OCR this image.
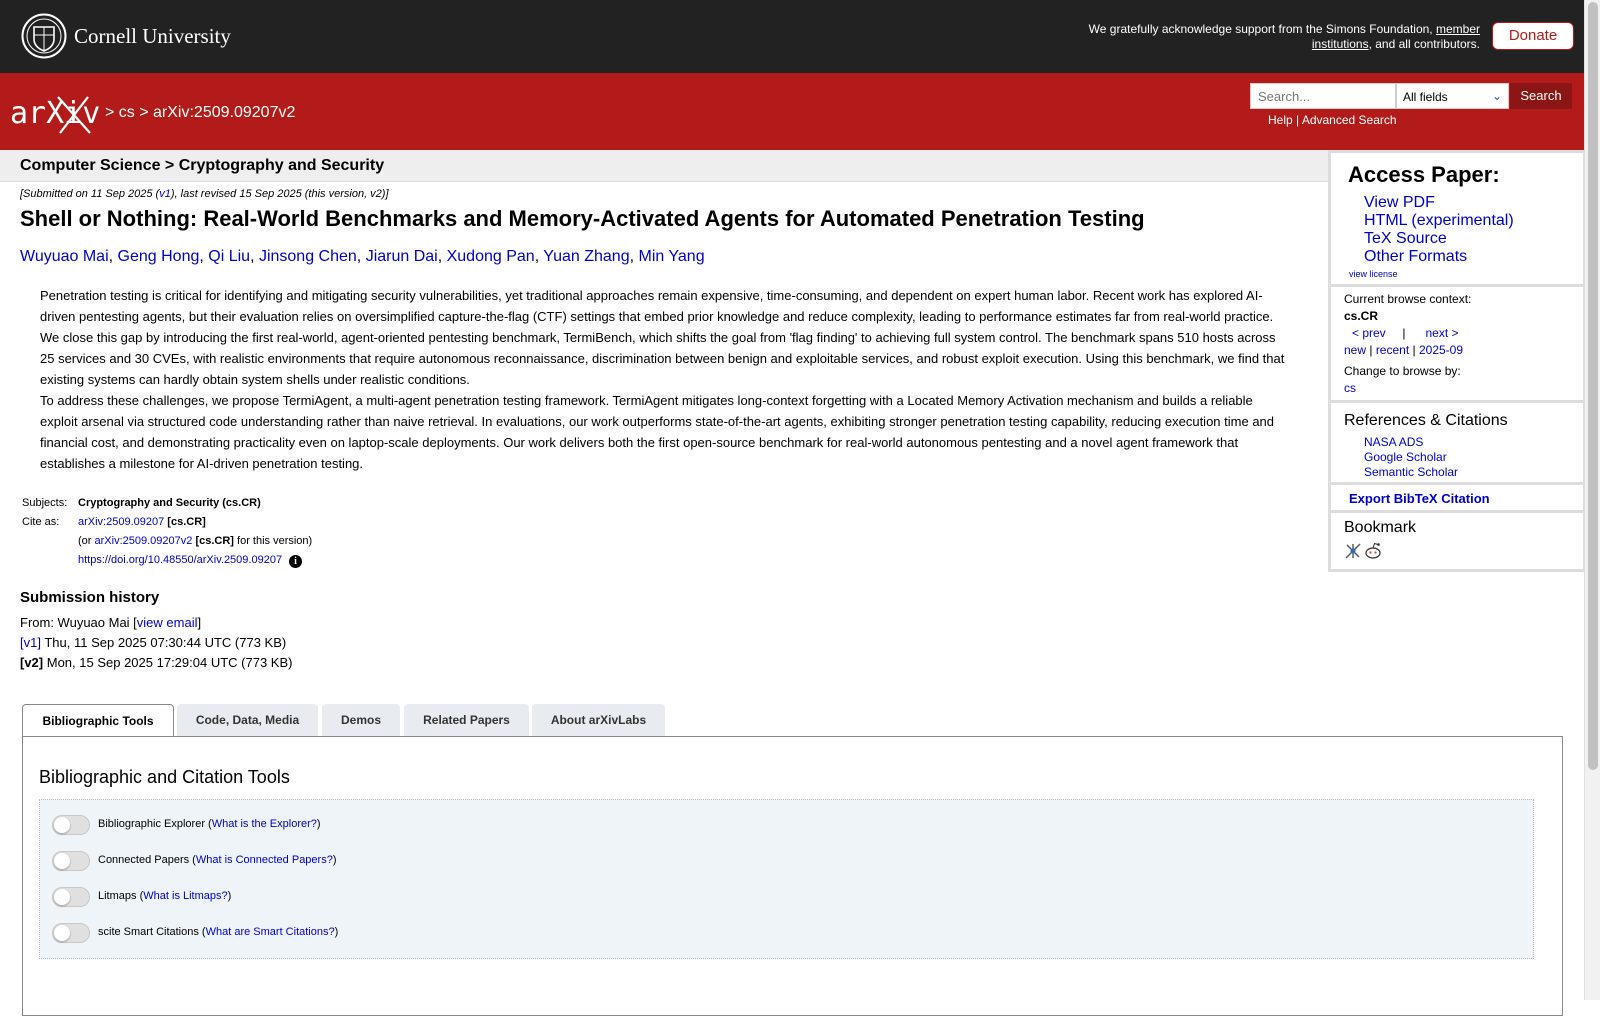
Cornell University	We gratefully acknowledge support from the Simons Foundation, member institutions, and all contributors.	Donate
arXiv > cs > arXiv:2509.09207v2
Search...
All fields	⌄	Search
Help | Advanced Search
Computer Science > Cryptography and Security
[Submitted on 11 Sep 2025 (v1), last revised 15 Sep 2025 (this version, v2)]
Shell or Nothing: Real-World Benchmarks and Memory-Activated Agents for Automated Penetration Testing
Wuyuao Mai, Geng Hong, Qi Liu, Jinsong Chen, Jiarun Dai, Xudong Pan, Yuan Zhang, Min Yang

Penetration testing is critical for identifying and mitigating security vulnerabilities, yet traditional approaches remain expensive, time-consuming, and dependent on expert human labor. Recent work has explored AI-driven pentesting agents, but their evaluation relies on oversimplified capture-the-flag (CTF) settings that embed prior knowledge and reduce complexity, leading to performance estimates far from real-world practice. We close this gap by introducing the first real-world, agent-oriented pentesting benchmark, TermiBench, which shifts the goal from 'flag finding' to achieving full system control. The benchmark spans 510 hosts across 25 services and 30 CVEs, with realistic environments that require autonomous reconnaissance, discrimination between benign and exploitable services, and robust exploit execution. Using this benchmark, we find that existing systems can hardly obtain system shells under realistic conditions.

To address these challenges, we propose TermiAgent, a multi-agent penetration testing framework. TermiAgent mitigates long-context forgetting with a Located Memory Activation mechanism and builds a reliable exploit arsenal via structured code understanding rather than naive retrieval. In evaluations, our work outperforms state-of-the-art agents, exhibiting stronger penetration testing capability, reducing execution time and financial cost, and demonstrating practicality even on laptop-scale deployments. Our work delivers both the first open-source benchmark for real-world autonomous pentesting and a novel agent framework that establishes a milestone for AI-driven penetration testing.

Subjects: Cryptography and Security (cs.CR)
Cite as:	arXiv:2509.09207 [cs.CR]
(or arXiv:2509.09207v2 [cs.CR] for this version)
https://doi.org/10.48550/arXiv.2509.09207 i
Submission history
From: Wuyuao Mai [view email]
[v1] Thu, 11 Sep 2025 07:30:44 UTC (773 KB)
[v2] Mon, 15 Sep 2025 17:29:04 UTC (773 KB)
Bibliographic Tools	Code, Data, Media	Demos	Related Papers	About arXivLabs
Bibliographic and Citation Tools
Bibliographic Explorer (What is the Explorer?)
Connected Papers (What is Connected Papers?)
Litmaps (What is Litmaps?)
scite Smart Citations (What are Smart Citations?)
Access Paper:
View PDF
HTML (experimental)
TeX Source
Other Formats
view license
Current browse context:
cs.CR
< prev | next >
new | recent | 2025-09
Change to browse by:
cs
References & Citations
NASA ADS
Google Scholar
Semantic Scholar
Export BibTeX Citation
Bookmark
